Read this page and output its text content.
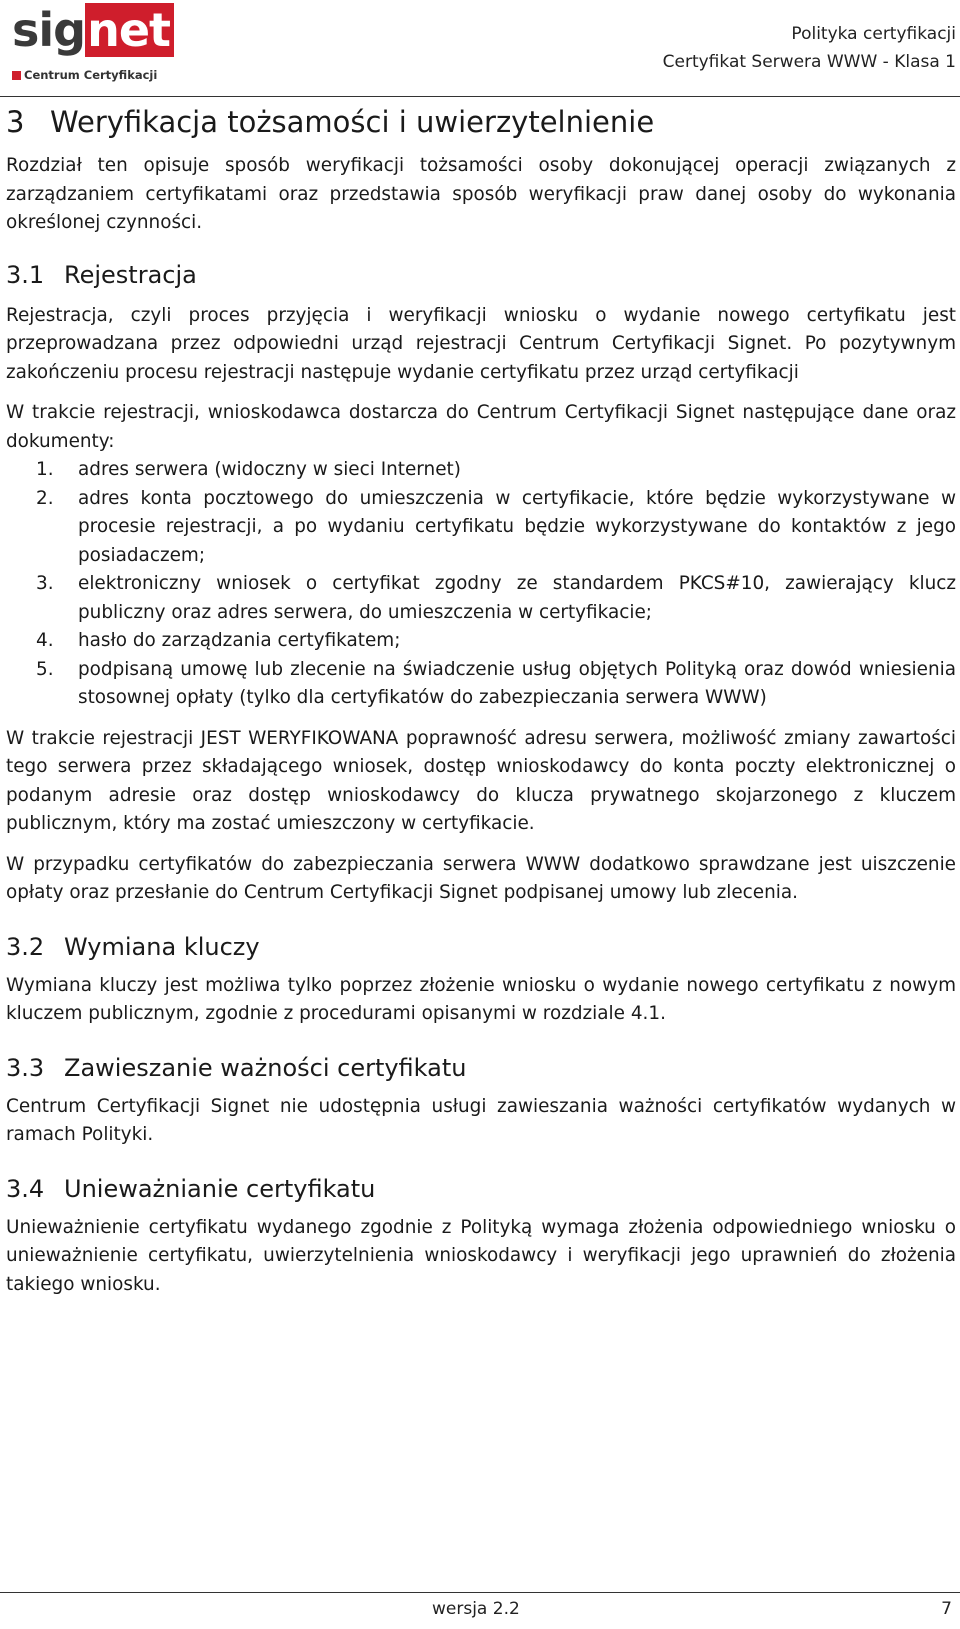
signet
Centrum Certyfikacji
Polityka certyfikacji
Certyfikat Serwera WWW - Klasa 1
3 Weryfikacja tożsamości i uwierzytelnienie

Rozdział ten opisuje sposób weryfikacji tożsamości osoby dokonującej operacji związanych z zarządzaniem certyfikatami oraz przedstawia sposób weryfikacji praw danej osoby do wykonania określonej czynności.

3.1 Rejestracja

Rejestracja, czyli proces przyjęcia i weryfikacji wniosku o wydanie nowego certyfikatu jest przeprowadzana przez odpowiedni urząd rejestracji Centrum Certyfikacji Signet. Po pozytywnym zakończeniu procesu rejestracji następuje wydanie certyfikatu przez urząd certyfikacji

W trakcie rejestracji, wnioskodawca dostarcza do Centrum Certyfikacji Signet następujące dane oraz dokumenty:

1. adres serwera (widoczny w sieci Internet)
2. adres konta pocztowego do umieszczenia w certyfikacie, które będzie wykorzystywane w procesie rejestracji, a po wydaniu certyfikatu będzie wykorzystywane do kontaktów z jego posiadaczem;
3. elektroniczny wniosek o certyfikat zgodny ze standardem PKCS#10, zawierający klucz publiczny oraz adres serwera, do umieszczenia w certyfikacie;
4. hasło do zarządzania certyfikatem;
5. podpisaną umowę lub zlecenie na świadczenie usług objętych Polityką oraz dowód wniesienia stosownej opłaty (tylko dla certyfikatów do zabezpieczania serwera WWW)

W trakcie rejestracji JEST WERYFIKOWANA poprawność adresu serwera, możliwość zmiany zawartości tego serwera przez składającego wniosek, dostęp wnioskodawcy do konta poczty elektronicznej o podanym adresie oraz dostęp wnioskodawcy do klucza prywatnego skojarzonego z kluczem publicznym, który ma zostać umieszczony w certyfikacie.

W przypadku certyfikatów do zabezpieczania serwera WWW dodatkowo sprawdzane jest uiszczenie opłaty oraz przesłanie do Centrum Certyfikacji Signet podpisanej umowy lub zlecenia.

3.2 Wymiana kluczy

Wymiana kluczy jest możliwa tylko poprzez złożenie wniosku o wydanie nowego certyfikatu z nowym kluczem publicznym, zgodnie z procedurami opisanymi w rozdziale 4.1.

3.3 Zawieszanie ważności certyfikatu

Centrum Certyfikacji Signet nie udostępnia usługi zawieszania ważności certyfikatów wydanych w ramach Polityki.

3.4 Unieważnianie certyfikatu

Unieważnienie certyfikatu wydanego zgodnie z Polityką wymaga złożenia odpowiedniego wniosku o unieważnienie certyfikatu, uwierzytelnienia wnioskodawcy i weryfikacji jego uprawnień do złożenia takiego wniosku.

wersja 2.2	7
